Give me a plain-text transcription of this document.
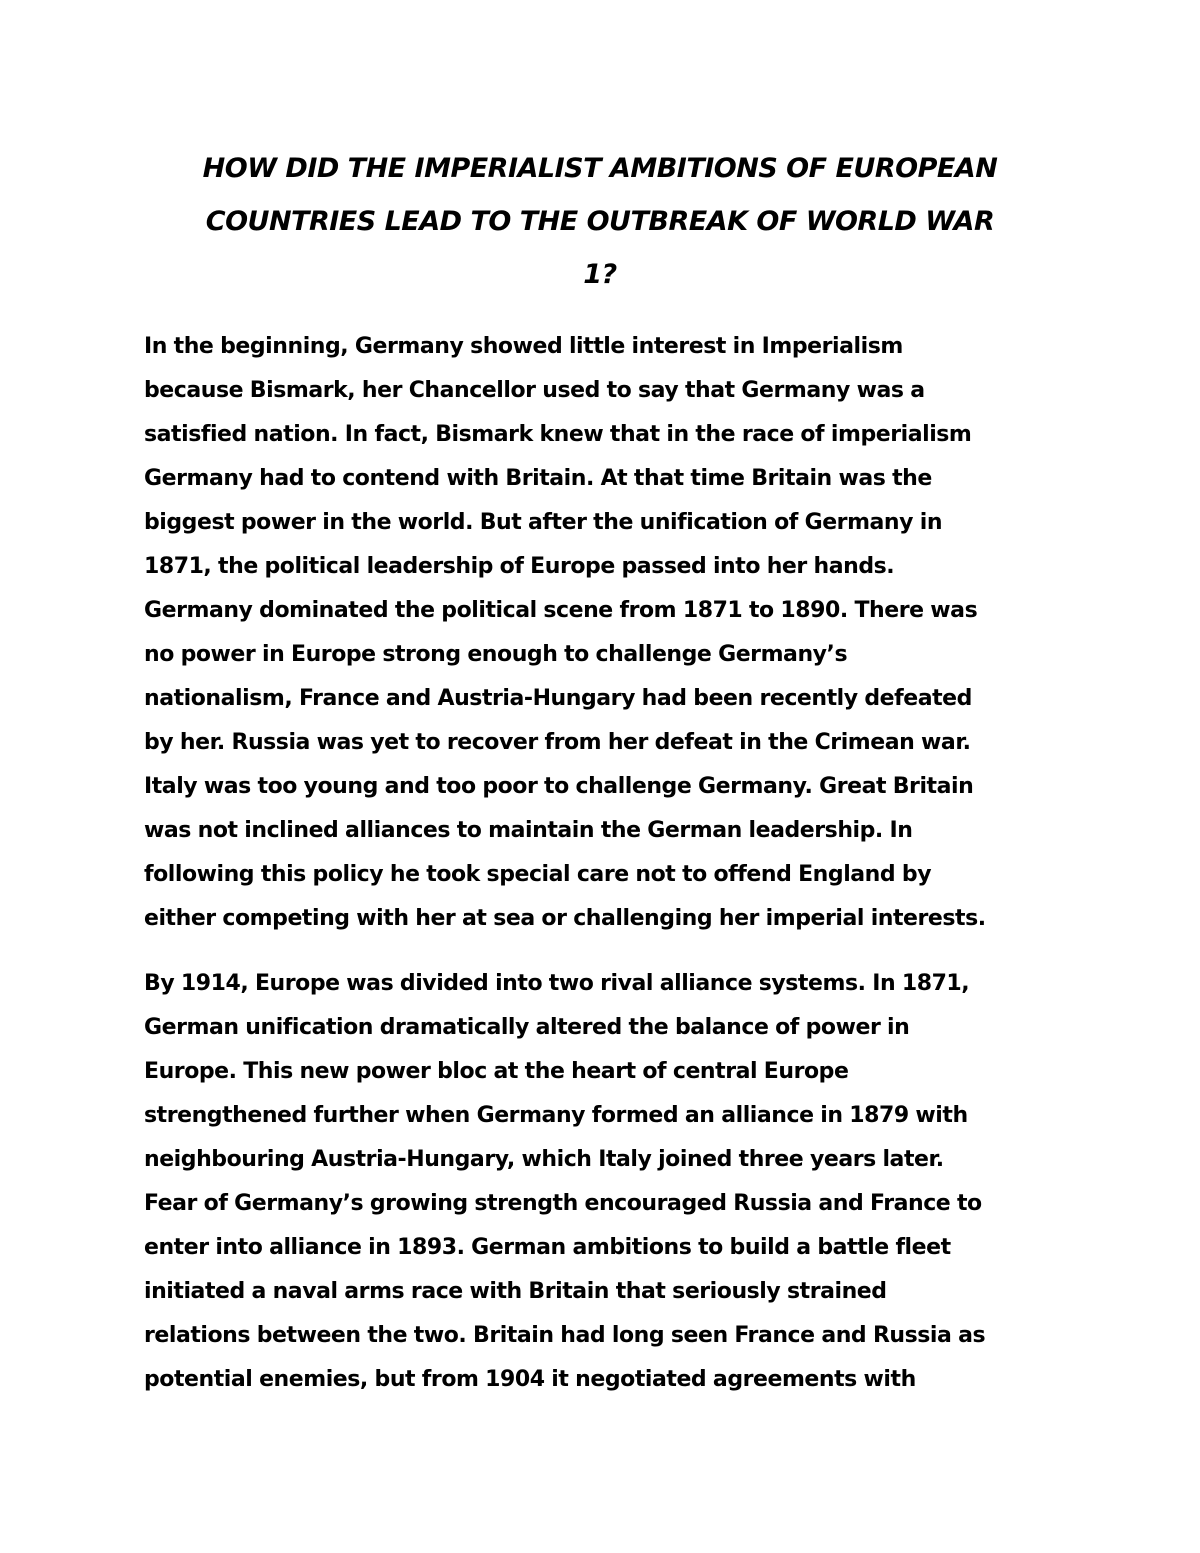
HOW DID THE IMPERIALIST AMBITIONS OF EUROPEAN
COUNTRIES LEAD TO THE OUTBREAK OF WORLD WAR
1?

In the beginning, Germany showed little interest in Imperialism
because Bismark, her Chancellor used to say that Germany was a
satisfied nation. In fact, Bismark knew that in the race of imperialism
Germany had to contend with Britain. At that time Britain was the
biggest power in the world. But after the unification of Germany in
1871, the political leadership of Europe passed into her hands.
Germany dominated the political scene from 1871 to 1890. There was
no power in Europe strong enough to challenge Germany’s
nationalism, France and Austria-Hungary had been recently defeated
by her. Russia was yet to recover from her defeat in the Crimean war.
Italy was too young and too poor to challenge Germany. Great Britain
was not inclined alliances to maintain the German leadership. In
following this policy he took special care not to offend England by
either competing with her at sea or challenging her imperial interests.

By 1914, Europe was divided into two rival alliance systems. In 1871,
German unification dramatically altered the balance of power in
Europe. This new power bloc at the heart of central Europe
strengthened further when Germany formed an alliance in 1879 with
neighbouring Austria-Hungary, which Italy joined three years later.
Fear of Germany’s growing strength encouraged Russia and France to
enter into alliance in 1893. German ambitions to build a battle fleet
initiated a naval arms race with Britain that seriously strained
relations between the two. Britain had long seen France and Russia as
potential enemies, but from 1904 it negotiated agreements with
